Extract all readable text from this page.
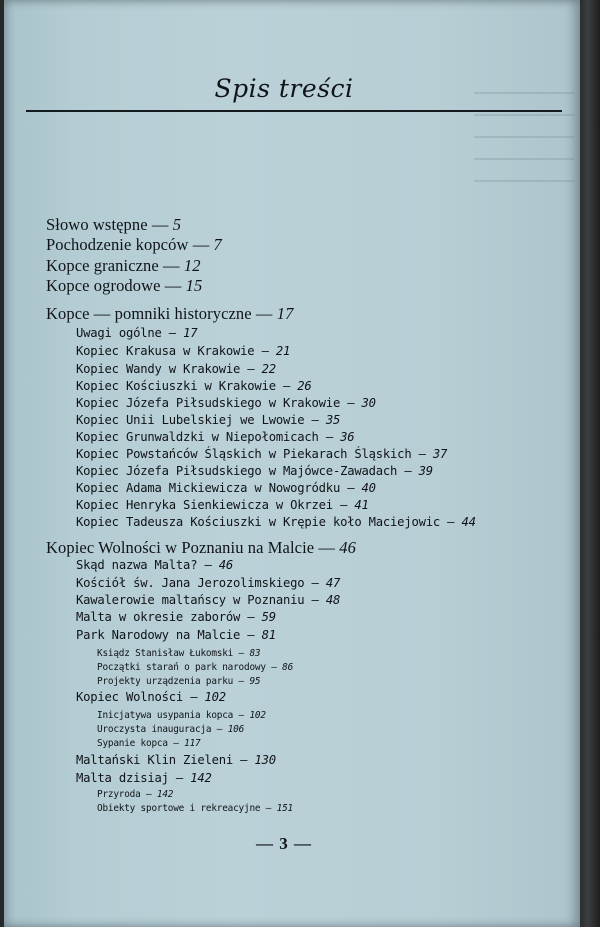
Spis treści
Słowo wstępne — 5
Pochodzenie kopców — 7
Kopce graniczne — 12
Kopce ogrodowe — 15
Kopce — pomniki historyczne — 17
Uwagi ogólne — 17
Kopiec Krakusa w Krakowie — 21
Kopiec Wandy w Krakowie — 22
Kopiec Kościuszki w Krakowie — 26
Kopiec Józefa Piłsudskiego w Krakowie — 30
Kopiec Unii Lubelskiej we Lwowie — 35
Kopiec Grunwaldzki w Niepołomicach — 36
Kopiec Powstańców Śląskich w Piekarach Śląskich — 37
Kopiec Józefa Piłsudskiego w Majówce-Zawadach — 39
Kopiec Adama Mickiewicza w Nowogródku — 40
Kopiec Henryka Sienkiewicza w Okrzei — 41
Kopiec Tadeusza Kościuszki w Krępie koło Maciejowic — 44
Kopiec Wolności w Poznaniu na Malcie — 46
Skąd nazwa Malta? — 46
Kościół św. Jana Jerozolimskiego — 47
Kawalerowie maltańscy w Poznaniu — 48
Malta w okresie zaborów — 59
Park Narodowy na Malcie — 81
Ksiądz Stanisław Łukomski — 83
Początki starań o park narodowy — 86
Projekty urządzenia parku — 95
Kopiec Wolności — 102
Inicjatywa usypania kopca — 102
Uroczysta inauguracja — 106
Sypanie kopca — 117
Maltański Klin Zieleni — 130
Malta dzisiaj — 142
Przyroda — 142
Obiekty sportowe i rekreacyjne — 151
— 3 —
